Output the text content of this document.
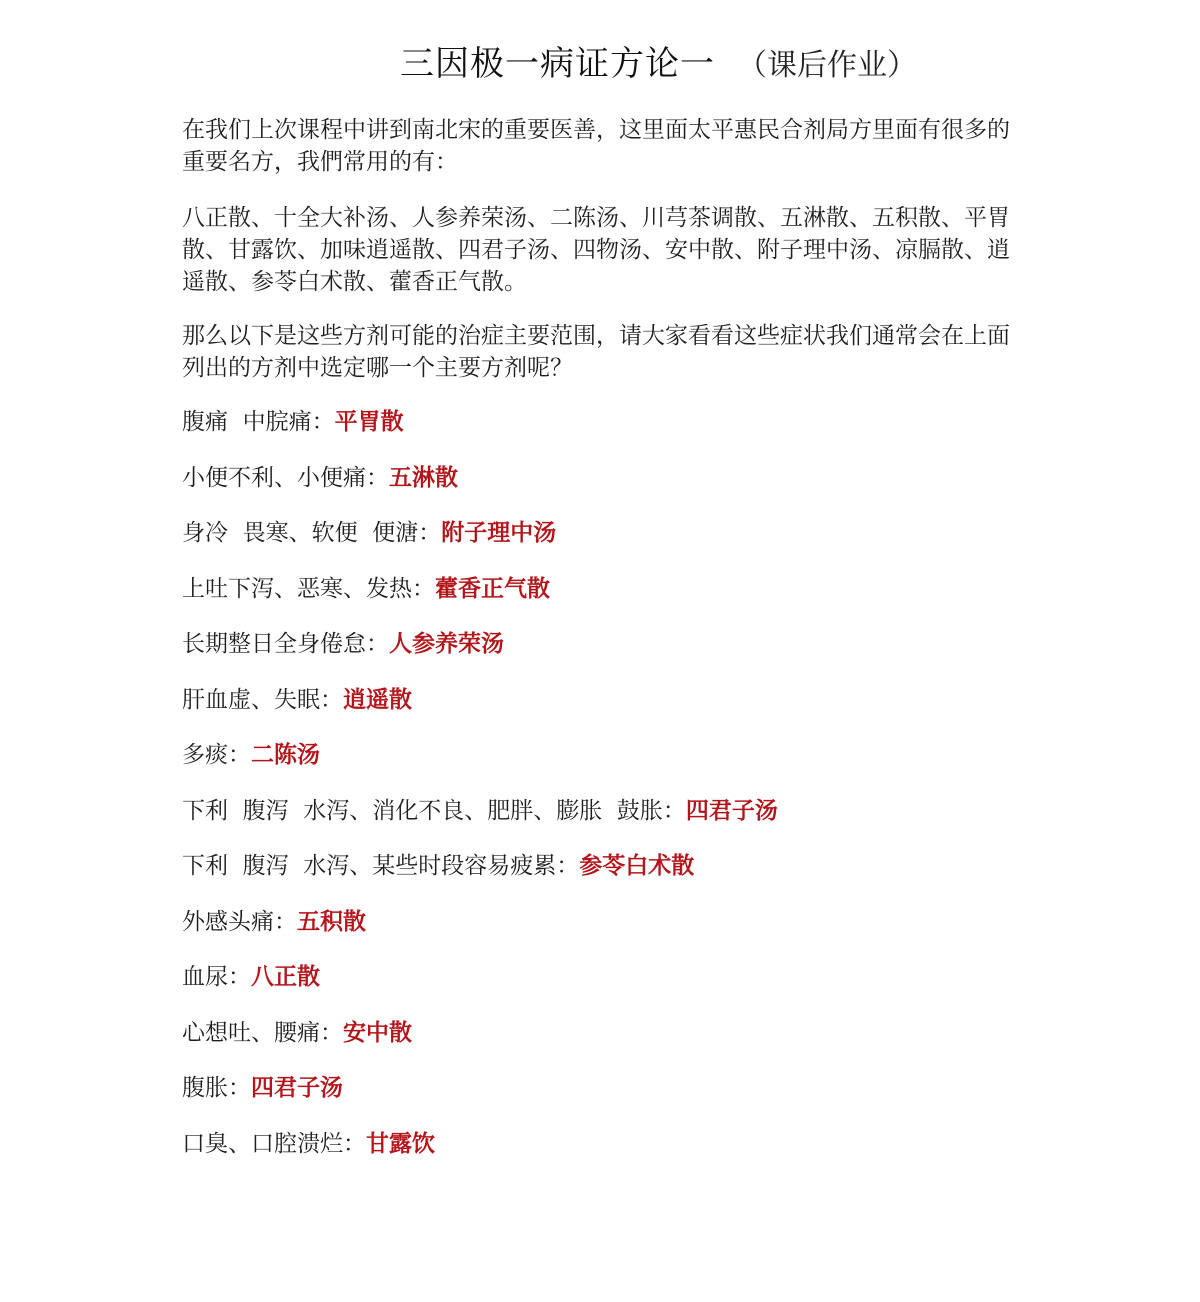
三因极一病证方论一 （课后作业）

在我们上次课程中讲到南北宋的重要医善，这里面太平惠民合剂局方里面有很多的重要名方，我們常用的有：

八正散、十全大补汤、人参养荣汤、二陈汤、川芎茶调散、五淋散、五积散、平胃散、甘露饮、加味逍遥散、四君子汤、四物汤、安中散、附子理中汤、凉膈散、逍遥散、参苓白术散、藿香正气散。

那么以下是这些方剂可能的治症主要范围，请大家看看这些症状我们通常会在上面列出的方剂中选定哪一个主要方剂呢？

腹痛  中脘痛：平胃散
小便不利、小便痛：五淋散
身冷  畏寒、软便  便溏：附子理中汤
上吐下泻、恶寒、发热：藿香正气散
长期整日全身倦怠：人参养荣汤
肝血虚、失眠：逍遥散
多痰：二陈汤
下利  腹泻  水泻、消化不良、肥胖、膨胀  鼓胀：四君子汤
下利  腹泻  水泻、某些时段容易疲累：参苓白术散
外感头痛：五积散
血尿：八正散
心想吐、腰痛：安中散
腹胀：四君子汤
口臭、口腔溃烂：甘露饮
